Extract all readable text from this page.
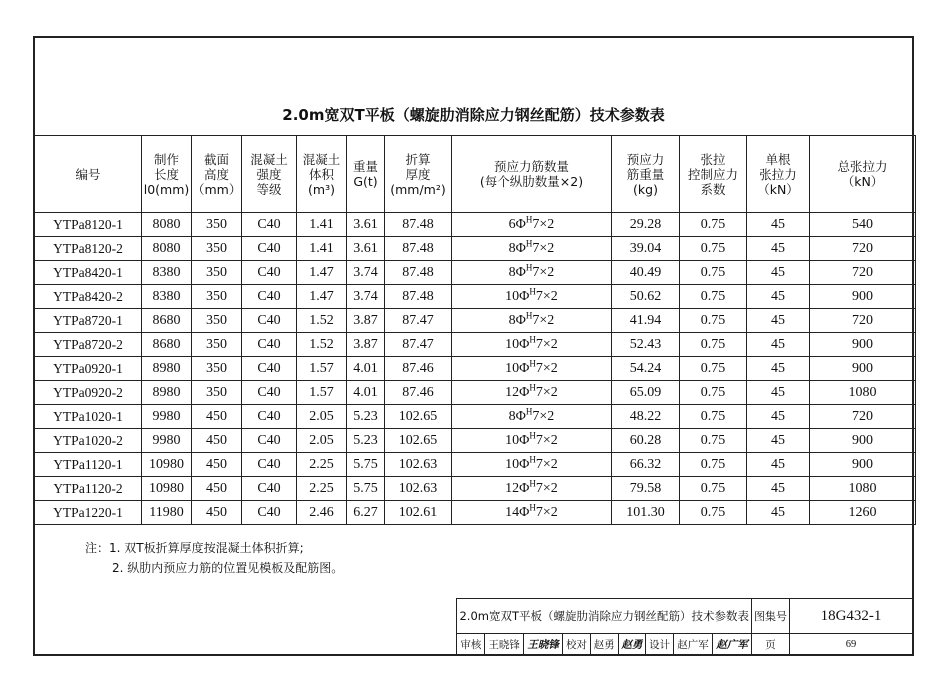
2.0m宽双T平板（螺旋肋消除应力钢丝配筋）技术参数表
编号	制作
长度
l0(mm)	截面
高度
（mm）	混凝土
强度
等级	混凝土
体积
(m³)	重量
G(t)	折算
厚度
(mm/m²)	预应力筋数量
(每个纵肋数量×2)	预应力
筋重量
(kg)	张拉
控制应力
系数	单根
张拉力
（kN）	总张拉力
（kN）
YTPa8120-1	8080	350	C40	1.41	3.61	87.48	$6\Phi^H7\times 2$	29.28	0.75	45	540
YTPa8120-2	8080	350	C40	1.41	3.61	87.48	$8\Phi^H7\times 2$	39.04	0.75	45	720
YTPa8420-1	8380	350	C40	1.47	3.74	87.48	$8\Phi^H7\times 2$	40.49	0.75	45	720
YTPa8420-2	8380	350	C40	1.47	3.74	87.48	$10\Phi^H7\times 2$	50.62	0.75	45	900
YTPa8720-1	8680	350	C40	1.52	3.87	87.47	$8\Phi^H7\times 2$	41.94	0.75	45	720
YTPa8720-2	8680	350	C40	1.52	3.87	87.47	$10\Phi^H7\times 2$	52.43	0.75	45	900
YTPa0920-1	8980	350	C40	1.57	4.01	87.46	$10\Phi^H7\times 2$	54.24	0.75	45	900
YTPa0920-2	8980	350	C40	1.57	4.01	87.46	$12\Phi^H7\times 2$	65.09	0.75	45	1080
YTPa1020-1	9980	450	C40	2.05	5.23	102.65	$8\Phi^H7\times 2$	48.22	0.75	45	720
YTPa1020-2	9980	450	C40	2.05	5.23	102.65	$10\Phi^H7\times 2$	60.28	0.75	45	900
YTPa1120-1	10980	450	C40	2.25	5.75	102.63	$10\Phi^H7\times 2$	66.32	0.75	45	900
YTPa1120-2	10980	450	C40	2.25	5.75	102.63	$12\Phi^H7\times 2$	79.58	0.75	45	1080
YTPa1220-1	11980	450	C40	2.46	6.27	102.61	$14\Phi^H7\times 2$	101.30	0.75	45	1260
注：1. 双T板折算厚度按混凝土体积折算;
2. 纵肋内预应力筋的位置见模板及配筋图。
2.0m宽双T平板（螺旋肋消除应力钢丝配筋）技术参数表									图集号	18G432-1
审核	王晓锋	王晓锋	校对	赵勇	赵勇	设计	赵广军	赵广军	页	69
